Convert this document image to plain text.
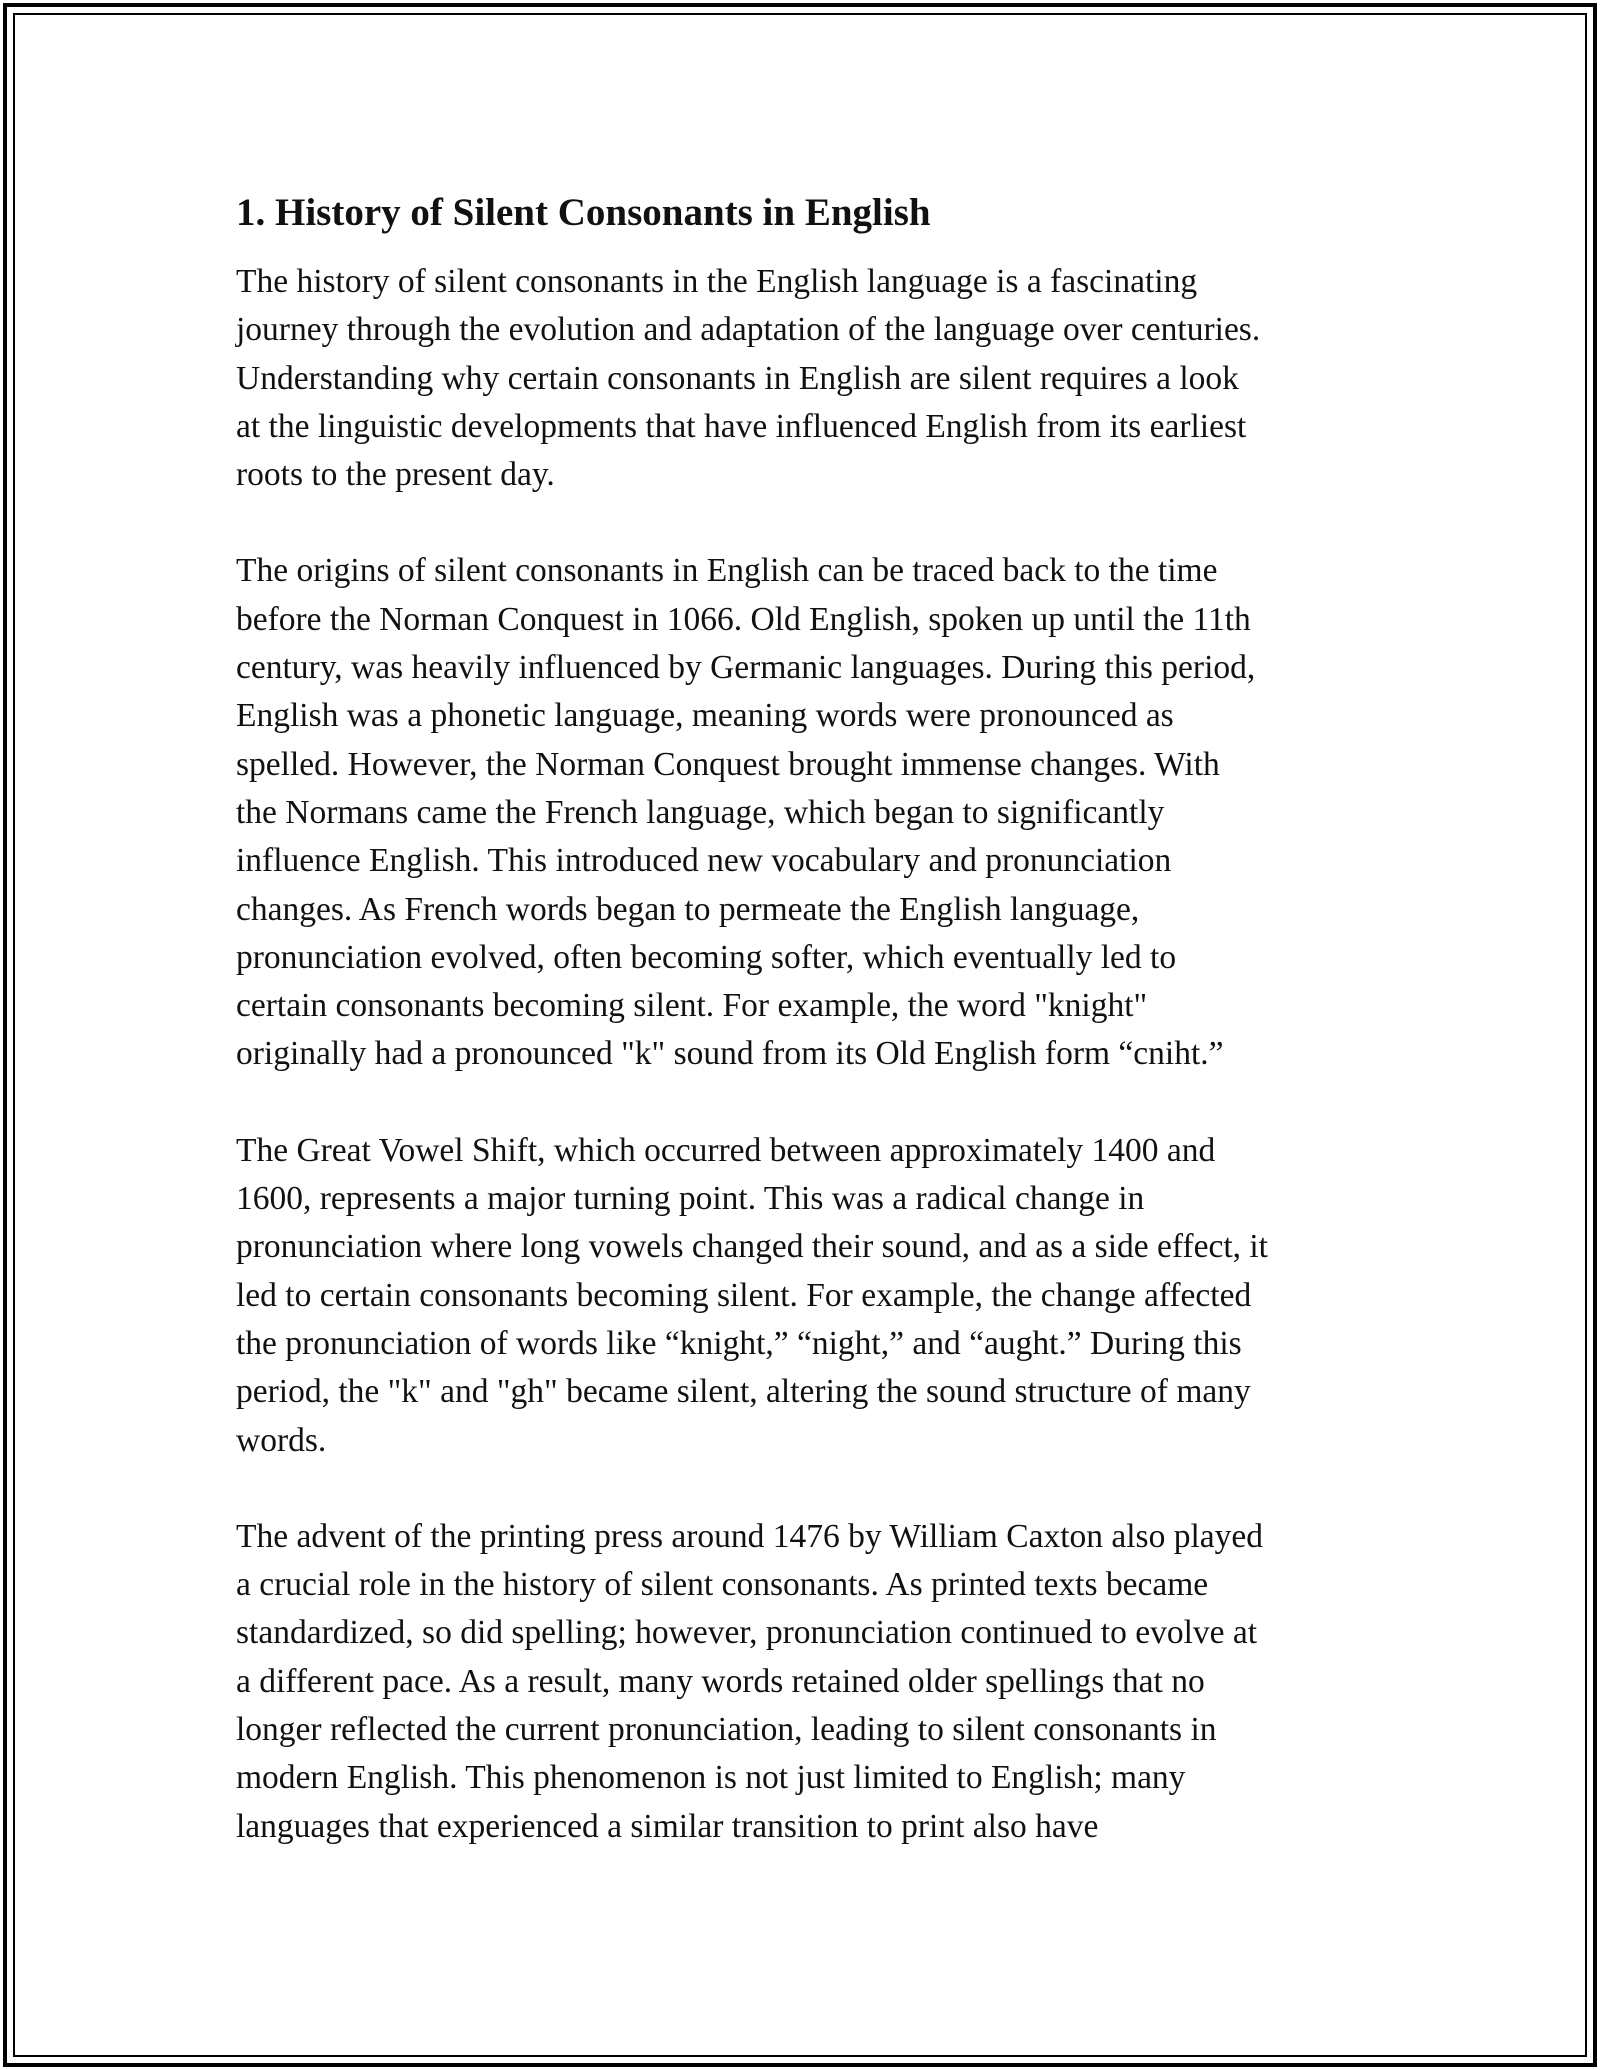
1. History of Silent Consonants in English

The history of silent consonants in the English language is a fascinating
journey through the evolution and adaptation of the language over centuries.
Understanding why certain consonants in English are silent requires a look
at the linguistic developments that have influenced English from its earliest
roots to the present day.

The origins of silent consonants in English can be traced back to the time
before the Norman Conquest in 1066. Old English, spoken up until the 11th
century, was heavily influenced by Germanic languages. During this period,
English was a phonetic language, meaning words were pronounced as
spelled. However, the Norman Conquest brought immense changes. With
the Normans came the French language, which began to significantly
influence English. This introduced new vocabulary and pronunciation
changes. As French words began to permeate the English language,
pronunciation evolved, often becoming softer, which eventually led to
certain consonants becoming silent. For example, the word "knight"
originally had a pronounced "k" sound from its Old English form “cniht.”

The Great Vowel Shift, which occurred between approximately 1400 and
1600, represents a major turning point. This was a radical change in
pronunciation where long vowels changed their sound, and as a side effect, it
led to certain consonants becoming silent. For example, the change affected
the pronunciation of words like “knight,” “night,” and “aught.” During this
period, the "k" and "gh" became silent, altering the sound structure of many
words.

The advent of the printing press around 1476 by William Caxton also played
a crucial role in the history of silent consonants. As printed texts became
standardized, so did spelling; however, pronunciation continued to evolve at
a different pace. As a result, many words retained older spellings that no
longer reflected the current pronunciation, leading to silent consonants in
modern English. This phenomenon is not just limited to English; many
languages that experienced a similar transition to print also have
